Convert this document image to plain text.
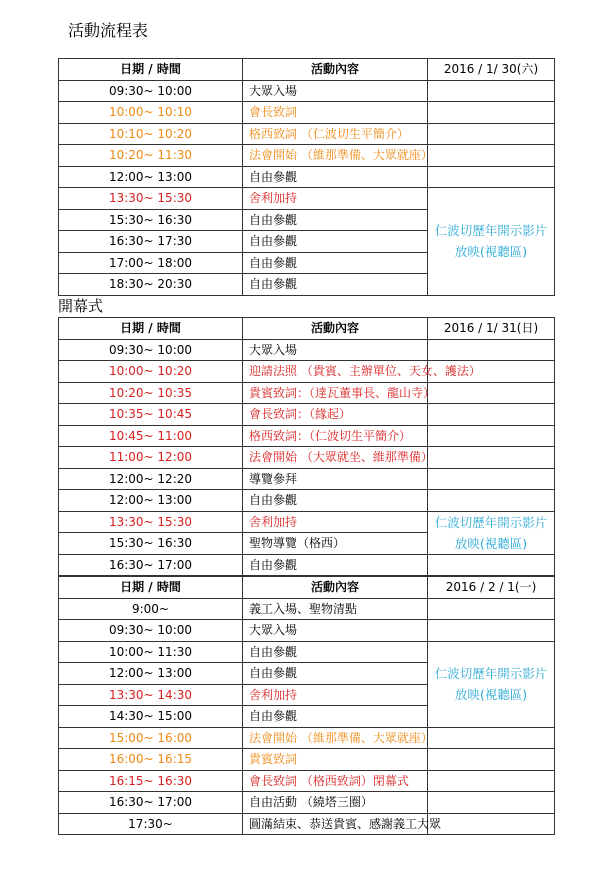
活動流程表
日期 / 時間	活動內容	2016 / 1/ 30(六)
09:30~ 10:00	大眾入場	
10:00~ 10:10	會長致詞	
10:10~ 10:20	格西致詞 （仁波切生平簡介）	
10:20~ 11:30	法會開始 （維那準備、大眾就座）	
12:00~ 13:00	自由參觀	
13:30~ 15:30	舍利加持	仁波切歷年開示影片放映(視聽區)
15:30~ 16:30	自由參觀	
16:30~ 17:30	自由參觀	
17:00~ 18:00	自由參觀	
18:30~ 20:30	自由參觀	
開幕式
日期 / 時間	活動內容	2016 / 1/ 31(日)
09:30~ 10:00	大眾入場	
10:00~ 10:20	迎請法照 （貴賓、主辦單位、天女、護法）	
10:20~ 10:35	貴賓致詞：（達瓦董事長、龍山寺）	
10:35~ 10:45	會長致詞：（緣起）	
10:45~ 11:00	格西致詞：（仁波切生平簡介）	
11:00~ 12:00	法會開始 （大眾就坐、維那準備）	
12:00~ 12:20	導覽參拜	
12:00~ 13:00	自由參觀	
13:30~ 15:30	舍利加持	仁波切歷年開示影片放映(視聽區)
15:30~ 16:30	聖物導覽（格西）	
16:30~ 17:00	自由參觀	
日期 / 時間	活動內容	2016 / 2 / 1(一)
9:00~	義工入場、聖物清點	
09:30~ 10:00	大眾入場	
10:00~ 11:30	自由參觀	仁波切歷年開示影片放映(視聽區)
12:00~ 13:00	自由參觀	
13:30~ 14:30	舍利加持	
14:30~ 15:00	自由參觀	
15:00~ 16:00	法會開始 （維那準備、大眾就座）	
16:00~ 16:15	貴賓致詞	
16:15~ 16:30	會長致詞 （格西致詞）閉幕式	
16:30~ 17:00	自由活動 （繞塔三圈）	
17:30~	圓滿結束、恭送貴賓、感謝義工大眾	
